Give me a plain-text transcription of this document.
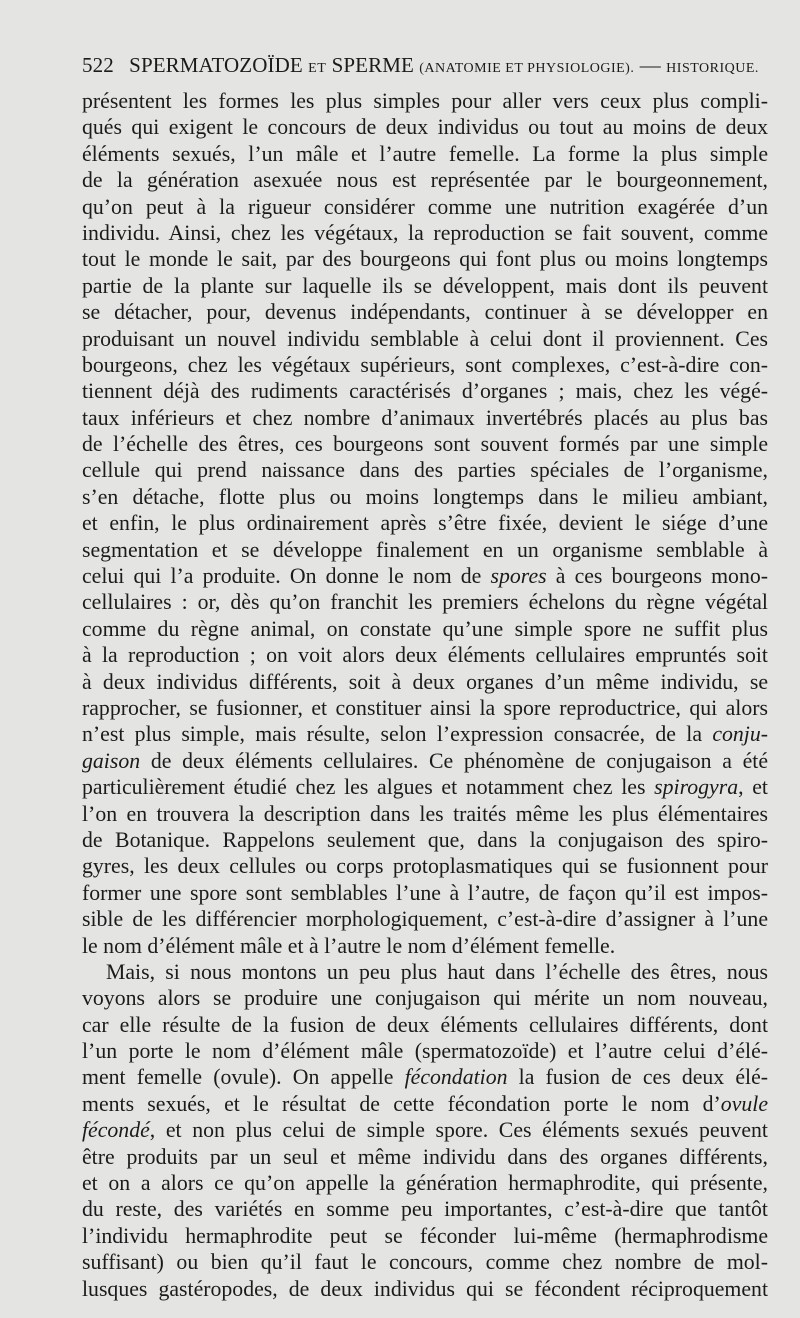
522 SPERMATOZOÏDE ET SPERME (ANATOMIE ET PHYSIOLOGIE). — HISTORIQUE.
présentent les formes les plus simples pour aller vers ceux plus compli-
qués qui exigent le concours de deux individus ou tout au moins de deux
éléments sexués, l’un mâle et l’autre femelle. La forme la plus simple
de la génération asexuée nous est représentée par le bourgeonnement,
qu’on peut à la rigueur considérer comme une nutrition exagérée d’un
individu. Ainsi, chez les végétaux, la reproduction se fait souvent, comme
tout le monde le sait, par des bourgeons qui font plus ou moins longtemps
partie de la plante sur laquelle ils se développent, mais dont ils peuvent
se détacher, pour, devenus indépendants, continuer à se développer en
produisant un nouvel individu semblable à celui dont il proviennent. Ces
bourgeons, chez les végétaux supérieurs, sont complexes, c’est-à-dire con-
tiennent déjà des rudiments caractérisés d’organes ; mais, chez les végé-
taux inférieurs et chez nombre d’animaux invertébrés placés au plus bas
de l’échelle des êtres, ces bourgeons sont souvent formés par une simple
cellule qui prend naissance dans des parties spéciales de l’organisme,
s’en détache, flotte plus ou moins longtemps dans le milieu ambiant,
et enfin, le plus ordinairement après s’être fixée, devient le siége d’une
segmentation et se développe finalement en un organisme semblable à
celui qui l’a produite. On donne le nom de spores à ces bourgeons mono-
cellulaires : or, dès qu’on franchit les premiers échelons du règne végétal
comme du règne animal, on constate qu’une simple spore ne suffit plus
à la reproduction ; on voit alors deux éléments cellulaires empruntés soit
à deux individus différents, soit à deux organes d’un même individu, se
rapprocher, se fusionner, et constituer ainsi la spore reproductrice, qui alors
n’est plus simple, mais résulte, selon l’expression consacrée, de la conju-
gaison de deux éléments cellulaires. Ce phénomène de conjugaison a été
particulièrement étudié chez les algues et notamment chez les spirogyra, et
l’on en trouvera la description dans les traités même les plus élémentaires
de Botanique. Rappelons seulement que, dans la conjugaison des spiro-
gyres, les deux cellules ou corps protoplasmatiques qui se fusionnent pour
former une spore sont semblables l’une à l’autre, de façon qu’il est impos-
sible de les différencier morphologiquement, c’est-à-dire d’assigner à l’une
le nom d’élément mâle et à l’autre le nom d’élément femelle.
Mais, si nous montons un peu plus haut dans l’échelle des êtres, nous
voyons alors se produire une conjugaison qui mérite un nom nouveau,
car elle résulte de la fusion de deux éléments cellulaires différents, dont
l’un porte le nom d’élément mâle (spermatozoïde) et l’autre celui d’élé-
ment femelle (ovule). On appelle fécondation la fusion de ces deux élé-
ments sexués, et le résultat de cette fécondation porte le nom d’ovule
fécondé, et non plus celui de simple spore. Ces éléments sexués peuvent
être produits par un seul et même individu dans des organes différents,
et on a alors ce qu’on appelle la génération hermaphrodite, qui présente,
du reste, des variétés en somme peu importantes, c’est-à-dire que tantôt
l’individu hermaphrodite peut se féconder lui-même (hermaphrodisme
suffisant) ou bien qu’il faut le concours, comme chez nombre de mol-
lusques gastéropodes, de deux individus qui se fécondent réciproquement
